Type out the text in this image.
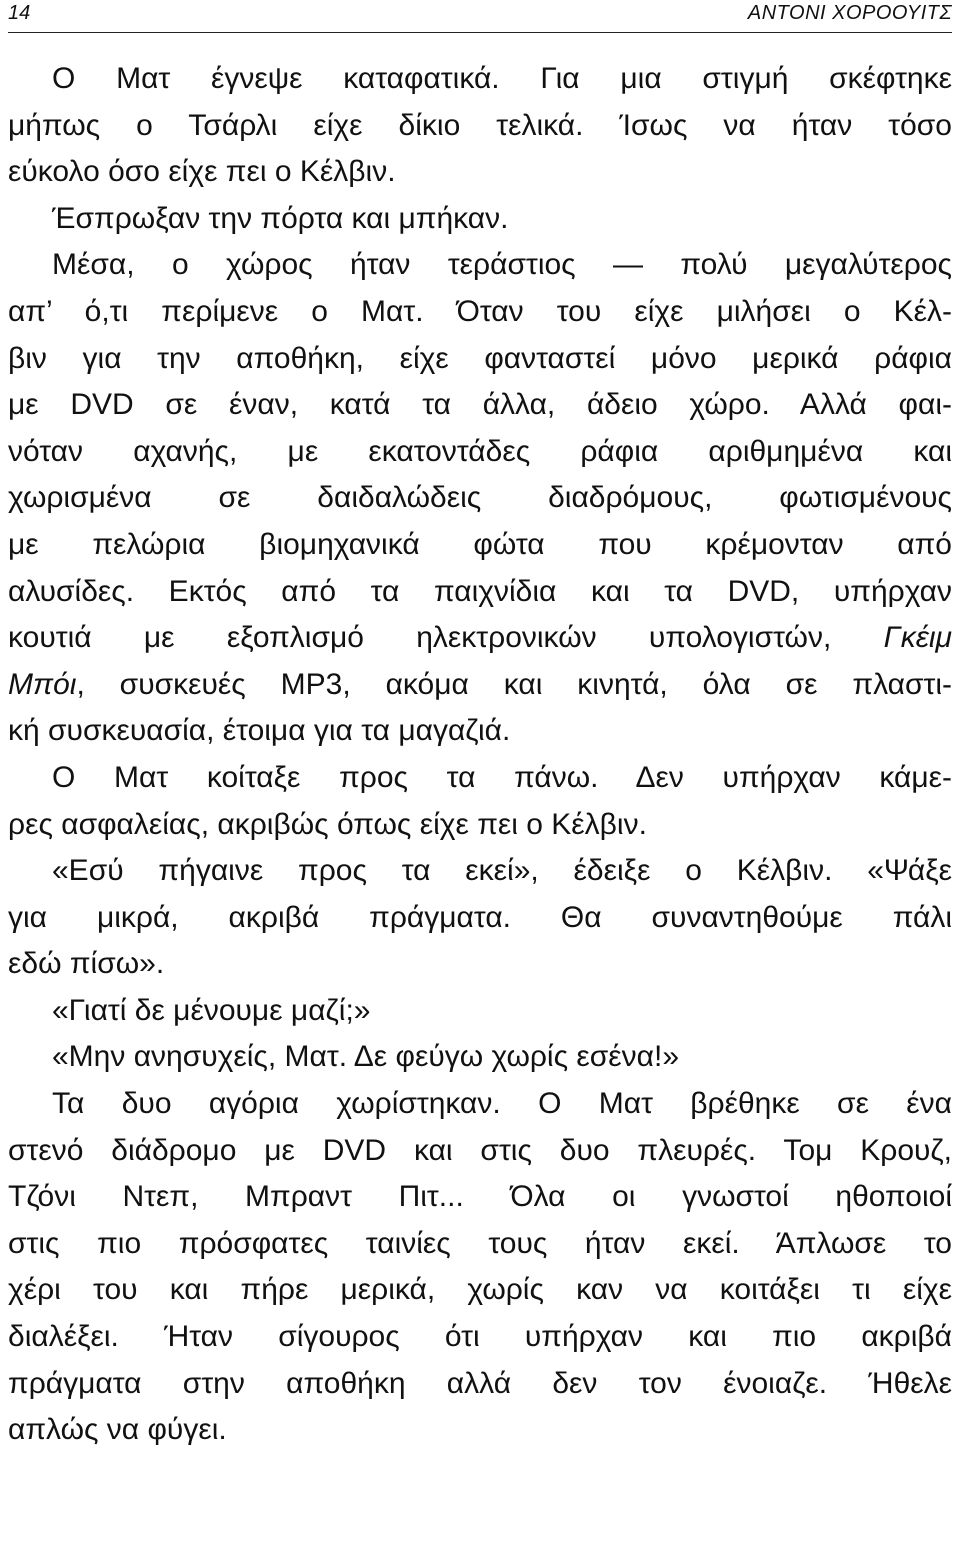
14	ΑΝΤΟΝΙ ΧΟΡΟΟΥΙΤΣ
Ο Ματ έγνεψε καταφατικά. Για μια στιγμή σκέφτηκε
μήπως ο Τσάρλι είχε δίκιο τελικά. Ίσως να ήταν τόσο
εύκολο όσο είχε πει ο Κέλβιν.
Έσπρωξαν την πόρτα και μπήκαν.
Μέσα, ο χώρος ήταν τεράστιος — πολύ μεγαλύτερος
απ’ ό,τι περίμενε ο Ματ. Όταν του είχε μιλήσει ο Κέλ-
βιν για την αποθήκη, είχε φανταστεί μόνο μερικά ράφια
με DVD σε έναν, κατά τα άλλα, άδειο χώρο. Αλλά φαι-
νόταν αχανής, με εκατοντάδες ράφια αριθμημένα και
χωρισμένα σε δαιδαλώδεις διαδρόμους, φωτισμένους
με πελώρια βιομηχανικά φώτα που κρέμονταν από
αλυσίδες. Εκτός από τα παιχνίδια και τα DVD, υπήρχαν
κουτιά με εξοπλισμό ηλεκτρονικών υπολογιστών, Γκέιμ
Μπόι, συσκευές MP3, ακόμα και κινητά, όλα σε πλαστι-
κή συσκευασία, έτοιμα για τα μαγαζιά.
Ο Ματ κοίταξε προς τα πάνω. Δεν υπήρχαν κάμε-
ρες ασφαλείας, ακριβώς όπως είχε πει ο Κέλβιν.
«Εσύ πήγαινε προς τα εκεί», έδειξε ο Κέλβιν. «Ψάξε
για μικρά, ακριβά πράγματα. Θα συναντηθούμε πάλι
εδώ πίσω».
«Γιατί δε μένουμε μαζί;»
«Μην ανησυχείς, Ματ. Δε φεύγω χωρίς εσένα!»
Τα δυο αγόρια χωρίστηκαν. Ο Ματ βρέθηκε σε ένα
στενό διάδρομο με DVD και στις δυο πλευρές. Τομ Κρουζ,
Τζόνι Ντεπ, Μπραντ Πιτ... Όλα οι γνωστοί ηθοποιοί
στις πιο πρόσφατες ταινίες τους ήταν εκεί. Άπλωσε το
χέρι του και πήρε μερικά, χωρίς καν να κοιτάξει τι είχε
διαλέξει. Ήταν σίγουρος ότι υπήρχαν και πιο ακριβά
πράγματα στην αποθήκη αλλά δεν τον ένοιαζε. Ήθελε
απλώς να φύγει.
